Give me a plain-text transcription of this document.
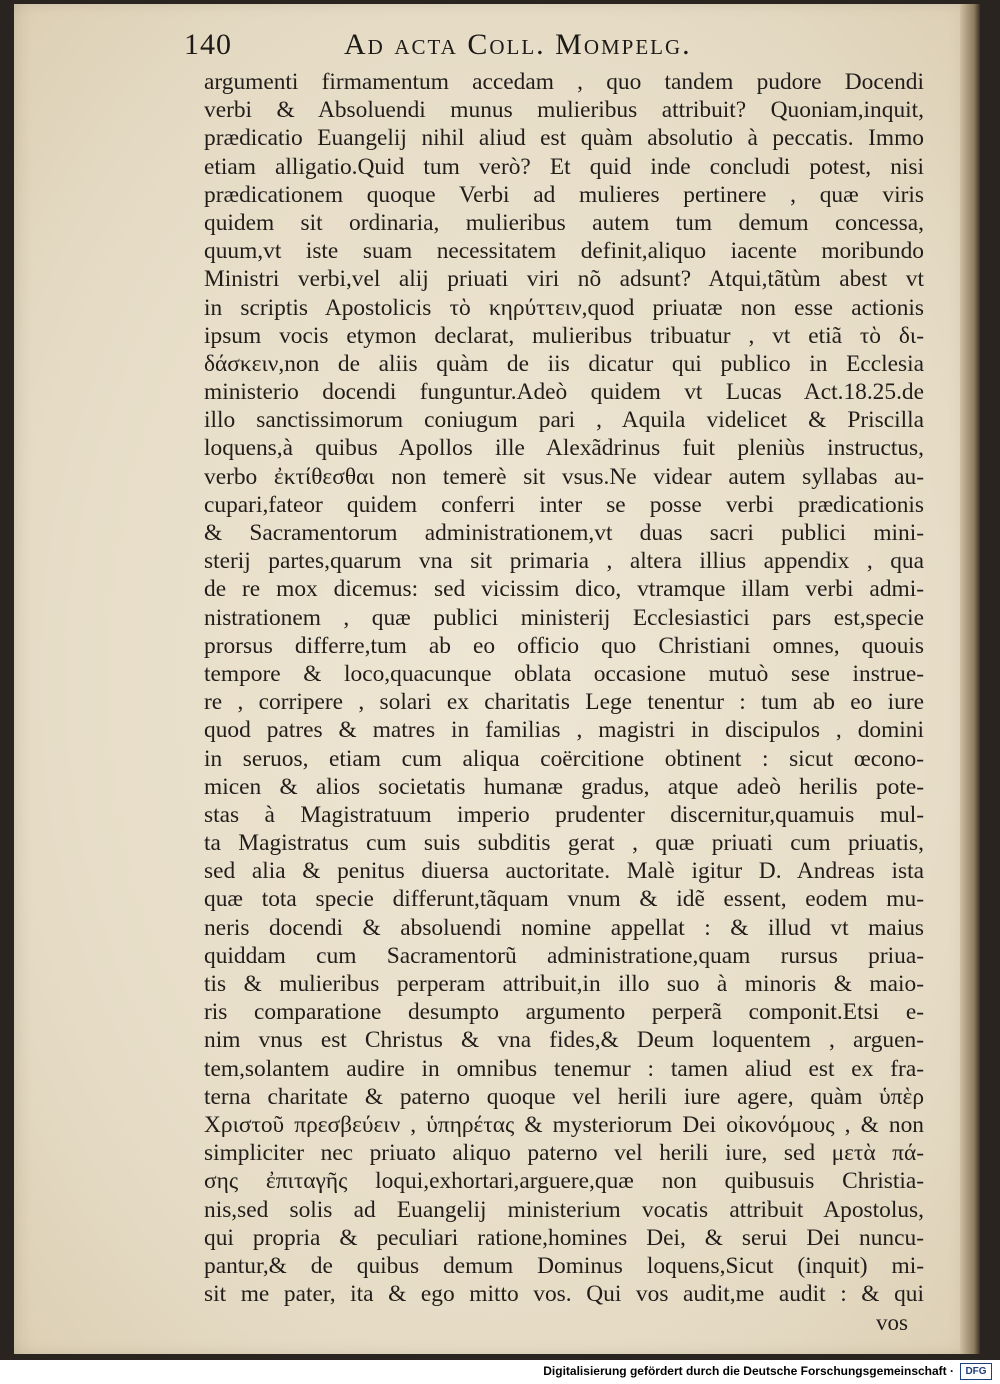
140	Ad acta Coll. Mompelg.
argumenti firmamentum accedam , quo tandem pudore Docendi
verbi & Absoluendi munus mulieribus attribuit? Quoniam,inquit,
prædicatio Euangelij nihil aliud est quàm absolutio à peccatis. Immo
etiam alligatio.Quid tum verò? Et quid inde concludi potest, nisi
prædicationem quoque Verbi ad mulieres pertinere , quæ viris
quidem sit ordinaria, mulieribus autem tum demum concessa,
quum,vt iste suam necessitatem definit,aliquo iacente moribundo
Ministri verbi,vel alij priuati viri nõ adsunt? Atqui,tãtùm abest vt
in scriptis Apostolicis τὸ κηρύττειν,quod priuatæ non esse actionis
ipsum vocis etymon declarat, mulieribus tribuatur , vt etiã τὸ δι-
δάσκειν,non de aliis quàm de iis dicatur qui publico in Ecclesia
ministerio docendi funguntur.Adeò quidem vt Lucas Act.18.25.de
illo sanctissimorum coniugum pari , Aquila videlicet & Priscilla
loquens,à quibus Apollos ille Alexãdrinus fuit pleniùs instructus,
verbo ἐκτίθεσθαι non temerè sit vsus.Ne videar autem syllabas au-
cupari,fateor quidem conferri inter se posse verbi prædicationis
& Sacramentorum administrationem,vt duas sacri publici mini-
sterij partes,quarum vna sit primaria , altera illius appendix , qua
de re mox dicemus: sed vicissim dico, vtramque illam verbi admi-
nistrationem , quæ publici ministerij Ecclesiastici pars est,specie
prorsus differre,tum ab eo officio quo Christiani omnes, quouis
tempore & loco,quacunque oblata occasione mutuò sese instrue-
re , corripere , solari ex charitatis Lege tenentur : tum ab eo iure
quod patres & matres in familias , magistri in discipulos , domini
in seruos, etiam cum aliqua coërcitione obtinent : sicut œcono-
micen & alios societatis humanæ gradus, atque adeò herilis pote-
stas à Magistratuum imperio prudenter discernitur,quamuis mul-
ta Magistratus cum suis subditis gerat , quæ priuati cum priuatis,
sed alia & penitus diuersa auctoritate. Malè igitur D. Andreas ista
quæ tota specie differunt,tãquam vnum & idẽ essent, eodem mu-
neris docendi & absoluendi nomine appellat : & illud vt maius
quiddam cum Sacramentorũ administratione,quam rursus priua-
tis & mulieribus perperam attribuit,in illo suo à minoris & maio-
ris comparatione desumpto argumento perperã componit.Etsi e-
nim vnus est Christus & vna fides,& Deum loquentem , arguen-
tem,solantem audire in omnibus tenemur : tamen aliud est ex fra-
terna charitate & paterno quoque vel herili iure agere, quàm ὑπὲρ
Χριστοῦ πρεσβεύειν , ὑπηρέτας & mysteriorum Dei οἰκονόμους , & non
simpliciter nec priuato aliquo paterno vel herili iure, sed μετὰ πά-
σης ἐπιταγῆς loqui,exhortari,arguere,quæ non quibusuis Christia-
nis,sed solis ad Euangelij ministerium vocatis attribuit Apostolus,
qui propria & peculiari ratione,homines Dei, & serui Dei nuncu-
pantur,& de quibus demum Dominus loquens,Sicut (inquit) mi-
sit me pater, ita & ego mitto vos. Qui vos audit,me audit : & qui
vos
Digitalisierung gefördert durch die Deutsche Forschungsgemeinschaft ·	DFG
